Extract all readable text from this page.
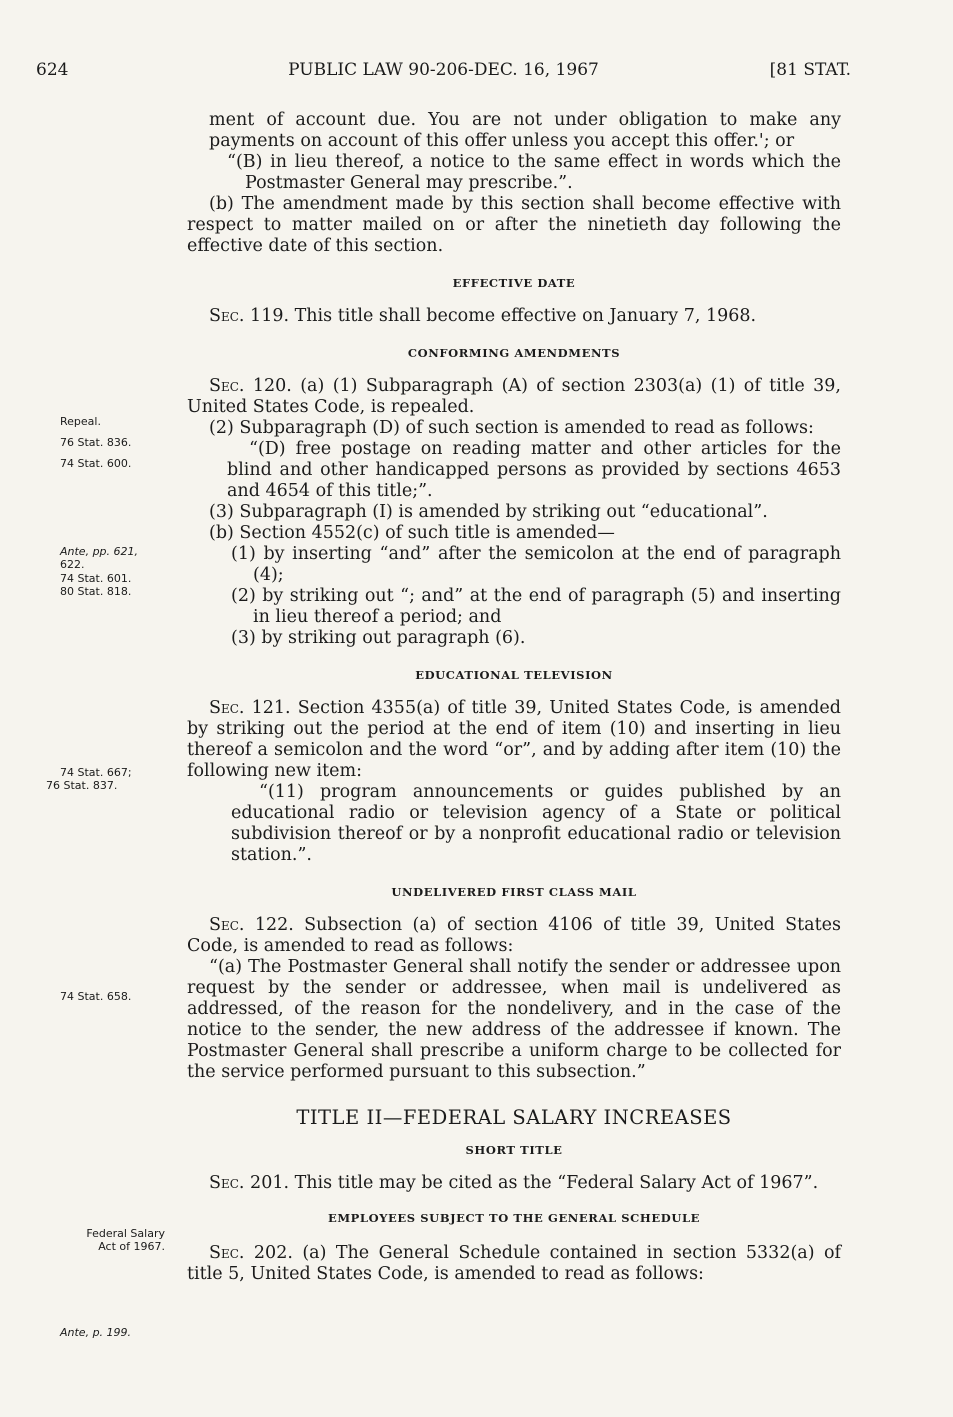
624	PUBLIC LAW 90-206-DEC. 16, 1967	[81 STAT.
Repeal.
76 Stat. 836.
74 Stat. 600.
Ante, pp. 621,
622.
74 Stat. 601.
80 Stat. 818.
74 Stat. 667;
76 Stat. 837.
74 Stat. 658.
Federal Salary
Act of 1967.
Ante, p. 199.

ment of account due. You are not under obligation to make any payments on account of this offer unless you accept this offer.'; or

“(B) in lieu thereof, a notice to the same effect in words which the Postmaster General may prescribe.”.

(b) The amendment made by this section shall become effective with respect to matter mailed on or after the ninetieth day following the effective date of this section.

EFFECTIVE DATE

Sec. 119. This title shall become effective on January 7, 1968.

CONFORMING AMENDMENTS

Sec. 120. (a) (1) Subparagraph (A) of section 2303(a) (1) of title 39, United States Code, is repealed.

(2) Subparagraph (D) of such section is amended to read as follows:

“(D) free postage on reading matter and other articles for the blind and other handicapped persons as provided by sections 4653 and 4654 of this title;”.

(3) Subparagraph (I) is amended by striking out “educational”.

(b) Section 4552(c) of such title is amended—

(1) by inserting “and” after the semicolon at the end of paragraph (4);

(2) by striking out “; and” at the end of paragraph (5) and inserting in lieu thereof a period; and

(3) by striking out paragraph (6).

EDUCATIONAL TELEVISION

Sec. 121. Section 4355(a) of title 39, United States Code, is amended by striking out the period at the end of item (10) and inserting in lieu thereof a semicolon and the word “or”, and by adding after item (10) the following new item:

“(11) program announcements or guides published by an educational radio or television agency of a State or political subdivision thereof or by a nonprofit educational radio or television station.”.

UNDELIVERED FIRST CLASS MAIL

Sec. 122. Subsection (a) of section 4106 of title 39, United States Code, is amended to read as follows:

“(a) The Postmaster General shall notify the sender or addressee upon request by the sender or addressee, when mail is undelivered as addressed, of the reason for the nondelivery, and in the case of the notice to the sender, the new address of the addressee if known. The Postmaster General shall prescribe a uniform charge to be collected for the service performed pursuant to this subsection.”

TITLE II—FEDERAL SALARY INCREASES

SHORT TITLE

Sec. 201. This title may be cited as the “Federal Salary Act of 1967”.

EMPLOYEES SUBJECT TO THE GENERAL SCHEDULE

Sec. 202. (a) The General Schedule contained in section 5332(a) of title 5, United States Code, is amended to read as follows:
